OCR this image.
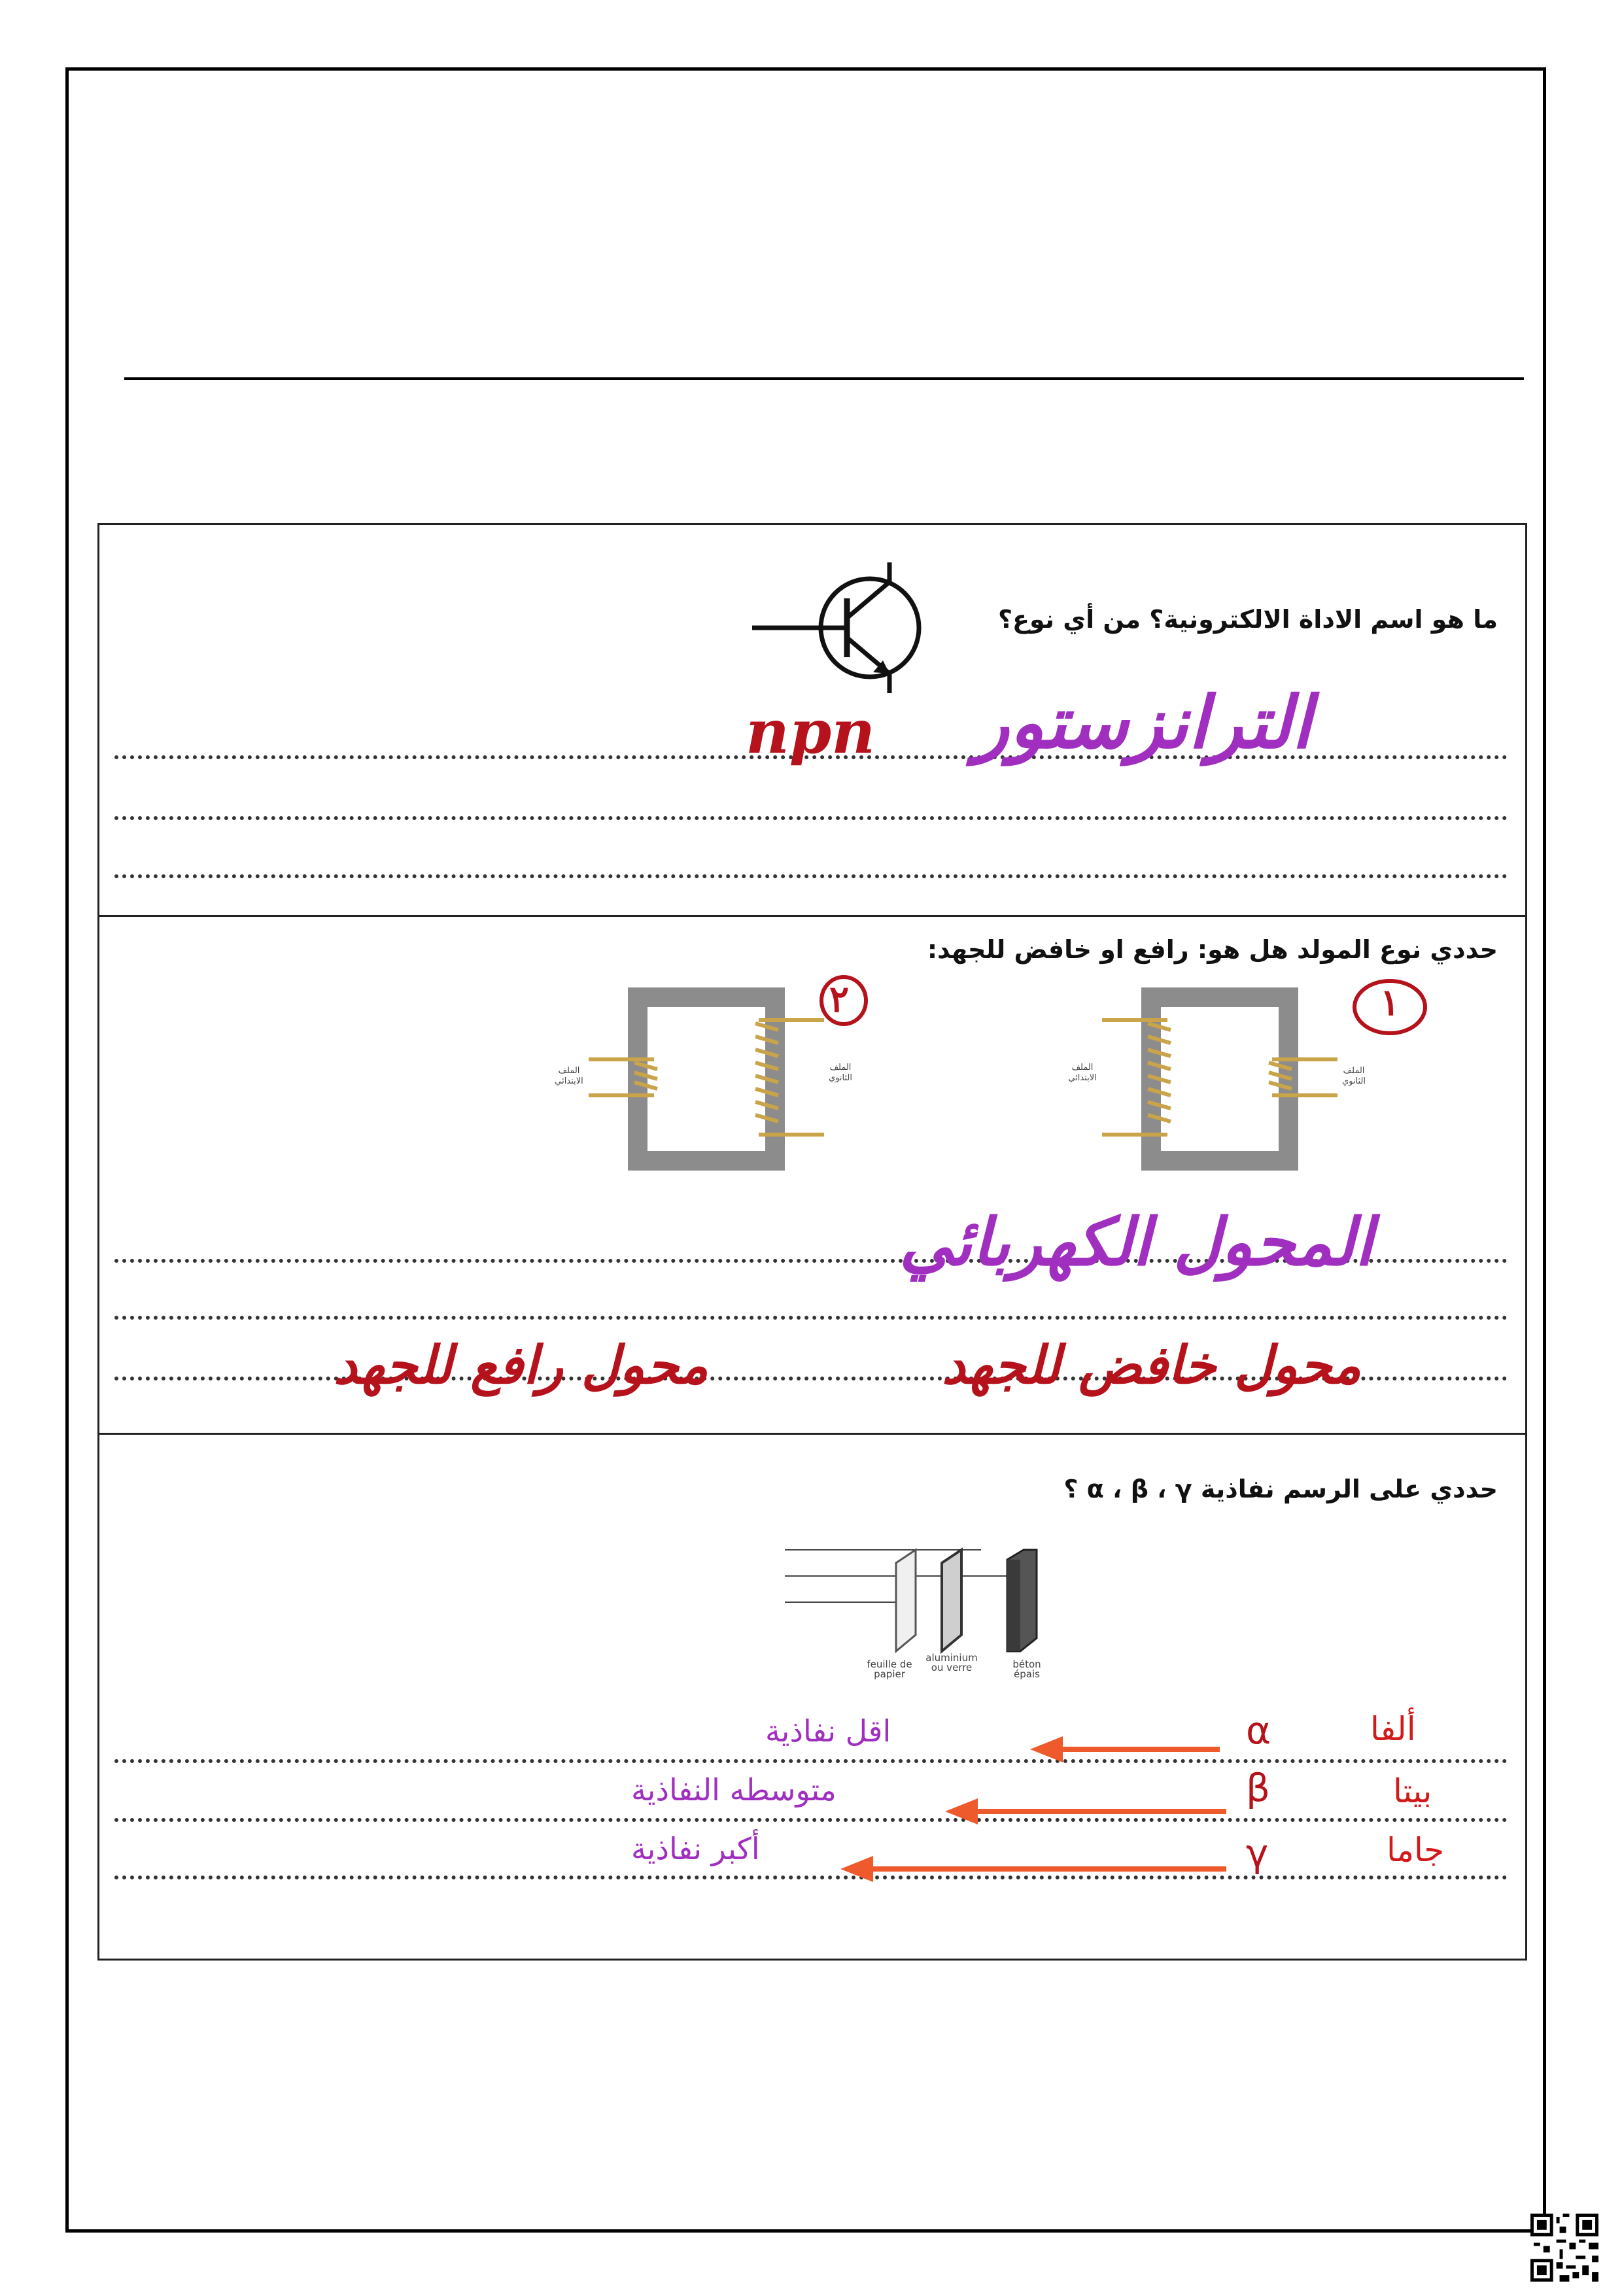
ما هو اسم الاداة الالكترونية؟ من أي نوع؟
الترانزستور
npn
حددي نوع المولد هل هو: رافع او خافض للجهد:
الملف الابتدائي
الملف الثانوي
الملف الابتدائي
الملف الثانوي
٢	١
المحول الكهربائي
محول خافض للجهد
محول رافع للجهد
حددي على الرسم نفاذية α ، β ، γ ؟
feuille de papier
aluminium ou verre	béton épais
ألفا
α
اقل نفاذية
بيتا
β
متوسطه النفاذية
جاما
γ
أكبر نفاذية
